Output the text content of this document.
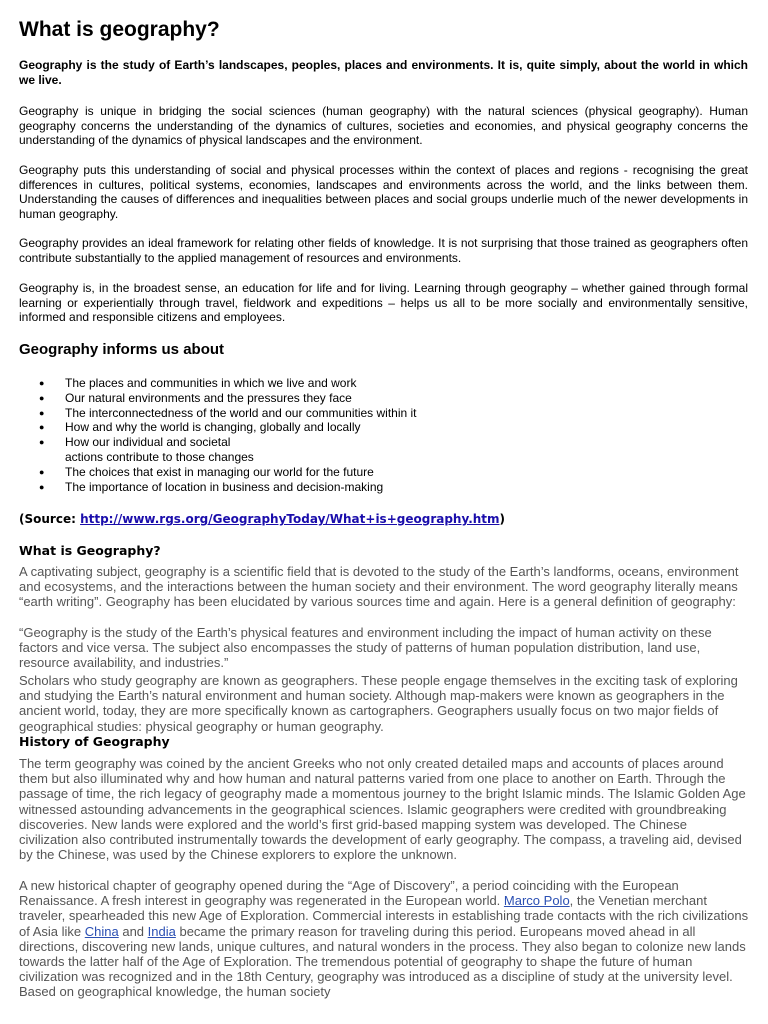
What is geography?

Geography is the study of Earth’s landscapes, peoples, places and environments. It is, quite simply, about the world in which we live.

Geography is unique in bridging the social sciences (human geography) with the natural sciences (physical geography). Human geography concerns the understanding of the dynamics of cultures, societies and economies, and physical geography concerns the understanding of the dynamics of physical landscapes and the environment.

Geography puts this understanding of social and physical processes within the context of places and regions - recognising the great differences in cultures, political systems, economies, landscapes and environments across the world, and the links between them. Understanding the causes of differences and inequalities between places and social groups underlie much of the newer developments in human geography.

Geography provides an ideal framework for relating other fields of knowledge. It is not surprising that those trained as geographers often contribute substantially to the applied management of resources and environments.

Geography is, in the broadest sense, an education for life and for living. Learning through geography – whether gained through formal learning or experientially through travel, fieldwork and expeditions – helps us all to be more socially and environmentally sensitive, informed and responsible citizens and employees.

Geography informs us about
● The places and communities in which we live and work
● Our natural environments and the pressures they face
● The interconnectedness of the world and our communities within it
● How and why the world is changing, globally and locally
● How our individual and societal
actions contribute to those changes
● The choices that exist in managing our world for the future
● The importance of location in business and decision-making
(Source: http://www.rgs.org/GeographyToday/What+is+geography.htm)
What is Geography?

A captivating subject, geography is a scientific field that is devoted to the study of the Earth’s landforms, oceans, environment and ecosystems, and the interactions between the human society and their environment. The word geography literally means “earth writing”. Geography has been elucidated by various sources time and again. Here is a general definition of geography:

“Geography is the study of the Earth’s physical features and environment including the impact of human activity on these factors and vice versa. The subject also encompasses the study of patterns of human population distribution, land use, resource availability, and industries.”

Scholars who study geography are known as geographers. These people engage themselves in the exciting task of exploring and studying the Earth’s natural environment and human society. Although map-makers were known as geographers in the ancient world, today, they are more specifically known as cartographers. Geographers usually focus on two major fields of geographical studies: physical geography or human geography.

History of Geography

The term geography was coined by the ancient Greeks who not only created detailed maps and accounts of places around them but also illuminated why and how human and natural patterns varied from one place to another on Earth. Through the passage of time, the rich legacy of geography made a momentous journey to the bright Islamic minds. The Islamic Golden Age witnessed astounding advancements in the geographical sciences. Islamic geographers were credited with groundbreaking discoveries. New lands were explored and the world’s first grid-based mapping system was developed. The Chinese civilization also contributed instrumentally towards the development of early geography. The compass, a traveling aid, devised by the Chinese, was used by the Chinese explorers to explore the unknown.

A new historical chapter of geography opened during the “Age of Discovery”, a period coinciding with the European Renaissance. A fresh interest in geography was regenerated in the European world. Marco Polo, the Venetian merchant traveler, spearheaded this new Age of Exploration. Commercial interests in establishing trade contacts with the rich civilizations of Asia like China and India became the primary reason for traveling during this period. Europeans moved ahead in all directions, discovering new lands, unique cultures, and natural wonders in the process. They also began to colonize new lands towards the latter half of the Age of Exploration. The tremendous potential of geography to shape the future of human civilization was recognized and in the 18th Century, geography was introduced as a discipline of study at the university level. Based on geographical knowledge, the human society
